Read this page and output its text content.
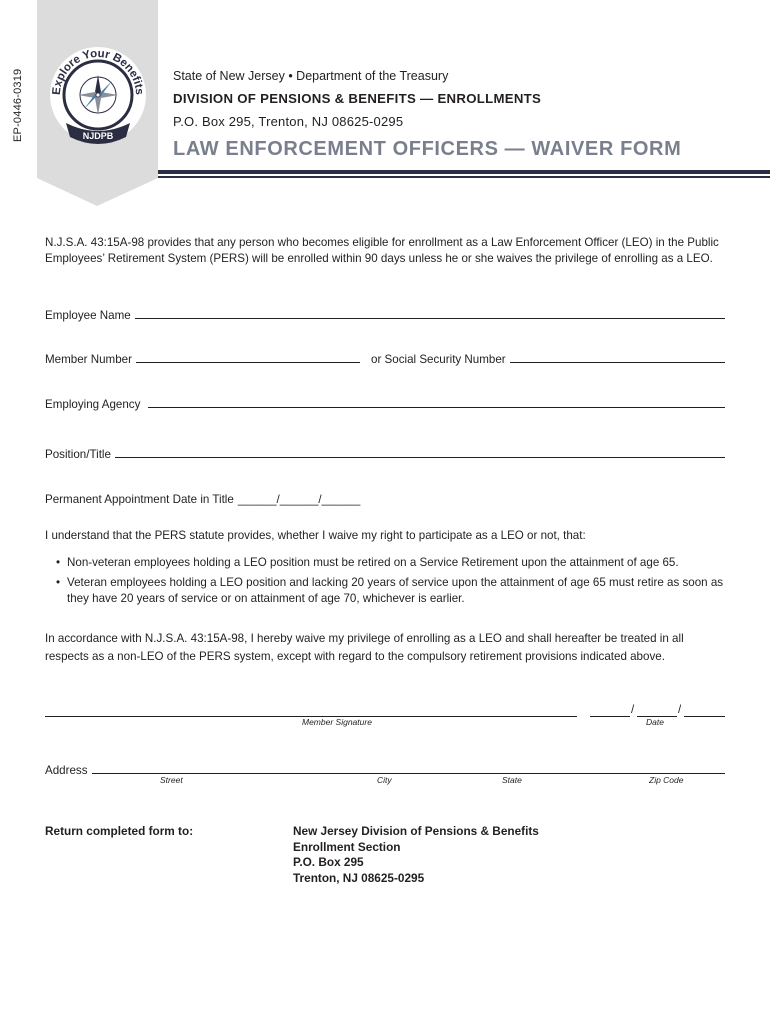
EP-0446-0319 Explore Your Benefits
NJDPB
State of New Jersey • Department of the Treasury
DIVISION OF PENSIONS & BENEFITS — ENROLLMENTS
P.O. Box 295, Trenton, NJ 08625-0295
LAW ENFORCEMENT OFFICERS — WAIVER FORM
N.J.S.A. 43:15A-98 provides that any person who becomes eligible for enrollment as a Law Enforcement Officer (LEO) in the Public Employees’ Retirement System (PERS) will be enrolled within 90 days unless he or she waives the privilege of enrolling as a LEO.
Employee Name
Member Number	or Social Security Number
Employing Agency
Position/Title
Permanent Appointment Date in Title ______/______/______
I understand that the PERS statute provides, whether I waive my right to participate as a LEO or not, that:
• Non-veteran employees holding a LEO position must be retired on a Service Retirement upon the attainment of age 65.
• Veteran employees holding a LEO position and lacking 20 years of service upon the attainment of age 65 must retire as soon as they have 20 years of service or on attainment of age 70, whichever is earlier.
In accordance with N.J.S.A. 43:15A-98, I hereby waive my privilege of enrolling as a LEO and shall hereafter be treated in all respects as a non-LEO of the PERS system, except with regard to the compulsory retirement provisions indicated above.
Member Signature
/	/
Date
Address
Street	City	State	Zip Code
Return completed form to:	New Jersey Division of Pensions & Benefits
Enrollment Section
P.O. Box 295
Trenton, NJ 08625-0295
